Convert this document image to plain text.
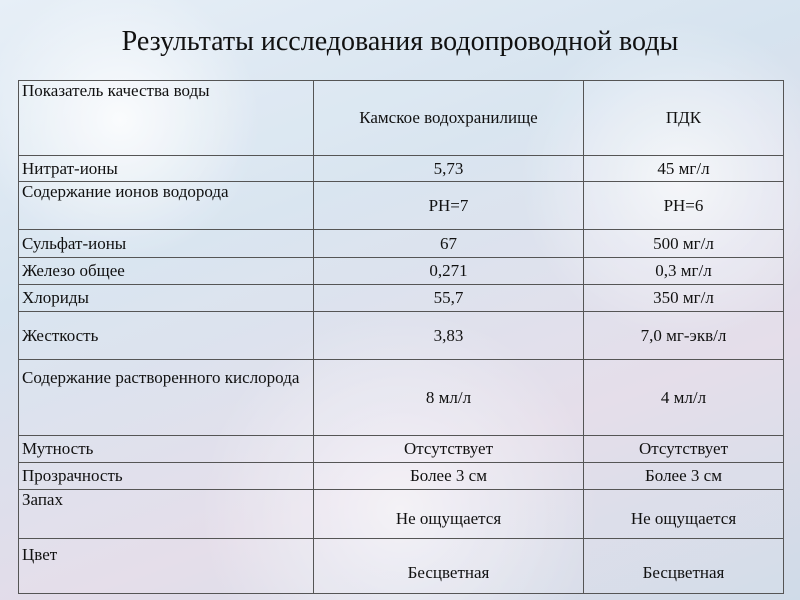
Результаты исследования водопроводной воды
Показатель качества воды	Камское водохранилище	ПДК
Нитрат-ионы	5,73	45 мг/л
Содержание ионов водорода	РН=7	РН=6
Сульфат-ионы	67	500 мг/л
Железо общее	0,271	0,3 мг/л
Хлориды	55,7	350 мг/л
Жесткость	3,83	7,0 мг-экв/л
Содержание растворенного кислорода	8 мл/л	4 мл/л
Мутность	Отсутствует	Отсутствует
Прозрачность	Более 3 см	Более 3 см
Запах	Не ощущается	Не ощущается
Цвет	Бесцветная	Бесцветная
